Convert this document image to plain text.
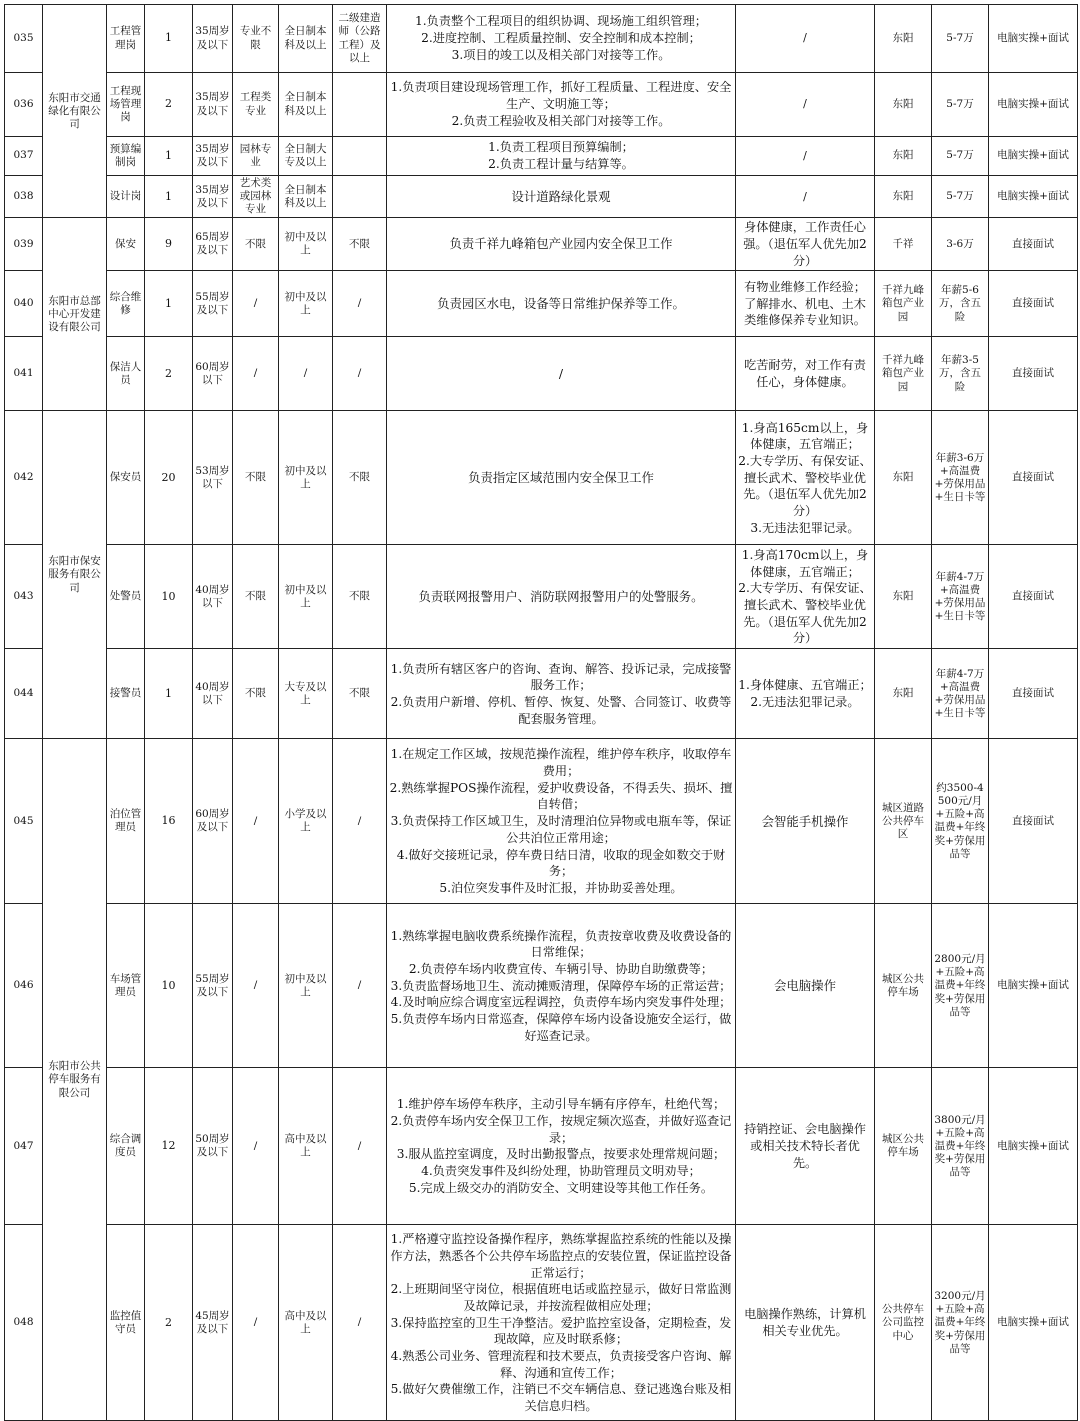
035	东阳市交通绿化有限公司	工程管理岗	1	35周岁及以下	专业不限	全日制本科及以上	二级建造师（公路工程）及以上	1.负责整个工程项目的组织协调、现场施工组织管理；
2.进度控制、工程质量控制、安全控制和成本控制；
3.项目的竣工以及相关部门对接等工作。	/	东阳	5-7万	电脑实操+面试
036		工程现场管理岗	2	35周岁及以下	工程类专业	全日制本科及以上		1.负责项目建设现场管理工作，抓好工程质量、工程进度、安全生产、文明施工等；
2.负责工程验收及相关部门对接等工作。	/	东阳	5-7万	电脑实操+面试
037		预算编制岗	1	35周岁及以下	园林专业	全日制大专及以上		1.负责工程项目预算编制；
2.负责工程计量与结算等。	/	东阳	5-7万	电脑实操+面试
038		设计岗	1	35周岁及以下	艺术类或园林专业	全日制本科及以上		设计道路绿化景观	/	东阳	5-7万	电脑实操+面试
039	东阳市总部中心开发建设有限公司	保安	9	65周岁及以下	不限	初中及以上	不限	负责千祥九峰箱包产业园内安全保卫工作	身体健康，工作责任心强。（退伍军人优先加2分）	千祥	3-6万	直接面试
040		综合维修	1	55周岁及以下	/	初中及以上	/	负责园区水电，设备等日常维护保养等工作。	有物业维修工作经验；了解排水、机电、土木类维修保养专业知识。	千祥九峰箱包产业园	年薪5-6万，含五险	直接面试
041		保洁人员	2	60周岁以下	/	/	/	/	吃苦耐劳，对工作有责任心，身体健康。	千祥九峰箱包产业园	年薪3-5万，含五险	直接面试
042	东阳市保安服务有限公司	保安员	20	53周岁以下	不限	初中及以上	不限	负责指定区域范围内安全保卫工作	1.身高165cm以上，身体健康，五官端正；
2.大专学历、有保安证、擅长武术、警校毕业优先。（退伍军人优先加2分）
3.无违法犯罪记录。	东阳	年薪3-6万+高温费+劳保用品+生日卡等	直接面试
043		处警员	10	40周岁以下	不限	初中及以上	不限	负责联网报警用户、消防联网报警用户的处警服务。	1.身高170cm以上，身体健康，五官端正；
2.大专学历、有保安证、擅长武术、警校毕业优先。（退伍军人优先加2分）	东阳	年薪4-7万+高温费+劳保用品+生日卡等	直接面试
044		接警员	1	40周岁以下	不限	大专及以上	不限	1.负责所有辖区客户的咨询、查询、解答、投诉记录，完成接警服务工作；
2.负责用户新增、停机、暂停、恢复、处警、合同签订、收费等配套服务管理。	1.身体健康、五官端正；
2.无违法犯罪记录。	东阳	年薪4-7万+高温费+劳保用品+生日卡等	直接面试
045	东阳市公共停车服务有限公司	泊位管理员	16	60周岁及以下	/	小学及以上	/	1.在规定工作区域，按规范操作流程，维护停车秩序，收取停车费用；
2.熟练掌握POS操作流程，爱护收费设备，不得丢失、损坏、擅自转借；
3.负责保持工作区域卫生，及时清理泊位异物或电瓶车等，保证公共泊位正常用途；
4.做好交接班记录，停车费日结日清，收取的现金如数交于财务；
5.泊位突发事件及时汇报，并协助妥善处理。	会智能手机操作	城区道路公共停车区	约3500-4500元/月+五险+高温费+年终奖+劳保用品等	直接面试
046		车场管理员	10	55周岁及以下	/	初中及以上	/	1.熟练掌握电脑收费系统操作流程，负责按章收费及收费设备的日常维保；
2.负责停车场内收费宣传、车辆引导、协助自助缴费等；
3.负责监督场地卫生、流动摊贩清理，保障停车场的正常运营；
4.及时响应综合调度室远程调控，负责停车场内突发事件处理；
5.负责停车场内日常巡查，保障停车场内设备设施安全运行，做好巡查记录。	会电脑操作	城区公共停车场	2800元/月+五险+高温费+年终奖+劳保用品等	电脑实操+面试
047		综合调度员	12	50周岁及以下	/	高中及以上	/	1.维护停车场停车秩序，主动引导车辆有序停车，杜绝代驾；
2.负责停车场内安全保卫工作，按规定频次巡查，并做好巡查记录；
3.服从监控室调度，及时出勤报警点，按要求处理常规问题；
4.负责突发事件及纠纷处理，协助管理员文明劝导；
5.完成上级交办的消防安全、文明建设等其他工作任务。	持销控证、会电脑操作或相关技术特长者优先。	城区公共停车场	3800元/月+五险+高温费+年终奖+劳保用品等	电脑实操+面试
048		监控值守员	2	45周岁及以下	/	高中及以上	/	1.严格遵守监控设备操作程序，熟练掌握监控系统的性能以及操作方法，熟悉各个公共停车场监控点的安装位置，保证监控设备正常运行；
2.上班期间坚守岗位，根据值班电话或监控显示，做好日常监测及故障记录，并按流程做相应处理；
3.保持监控室的卫生干净整洁。爱护监控室设备，定期检查，发现故障，应及时联系修；
4.熟悉公司业务、管理流程和技术要点，负责接受客户咨询、解释、沟通和宣传工作；
5.做好欠费催缴工作，注销已不交车辆信息、登记逃逸台账及相关信息归档。	电脑操作熟练，计算机相关专业优先。	公共停车公司监控中心	3200元/月+五险+高温费+年终奖+劳保用品等	电脑实操+面试
